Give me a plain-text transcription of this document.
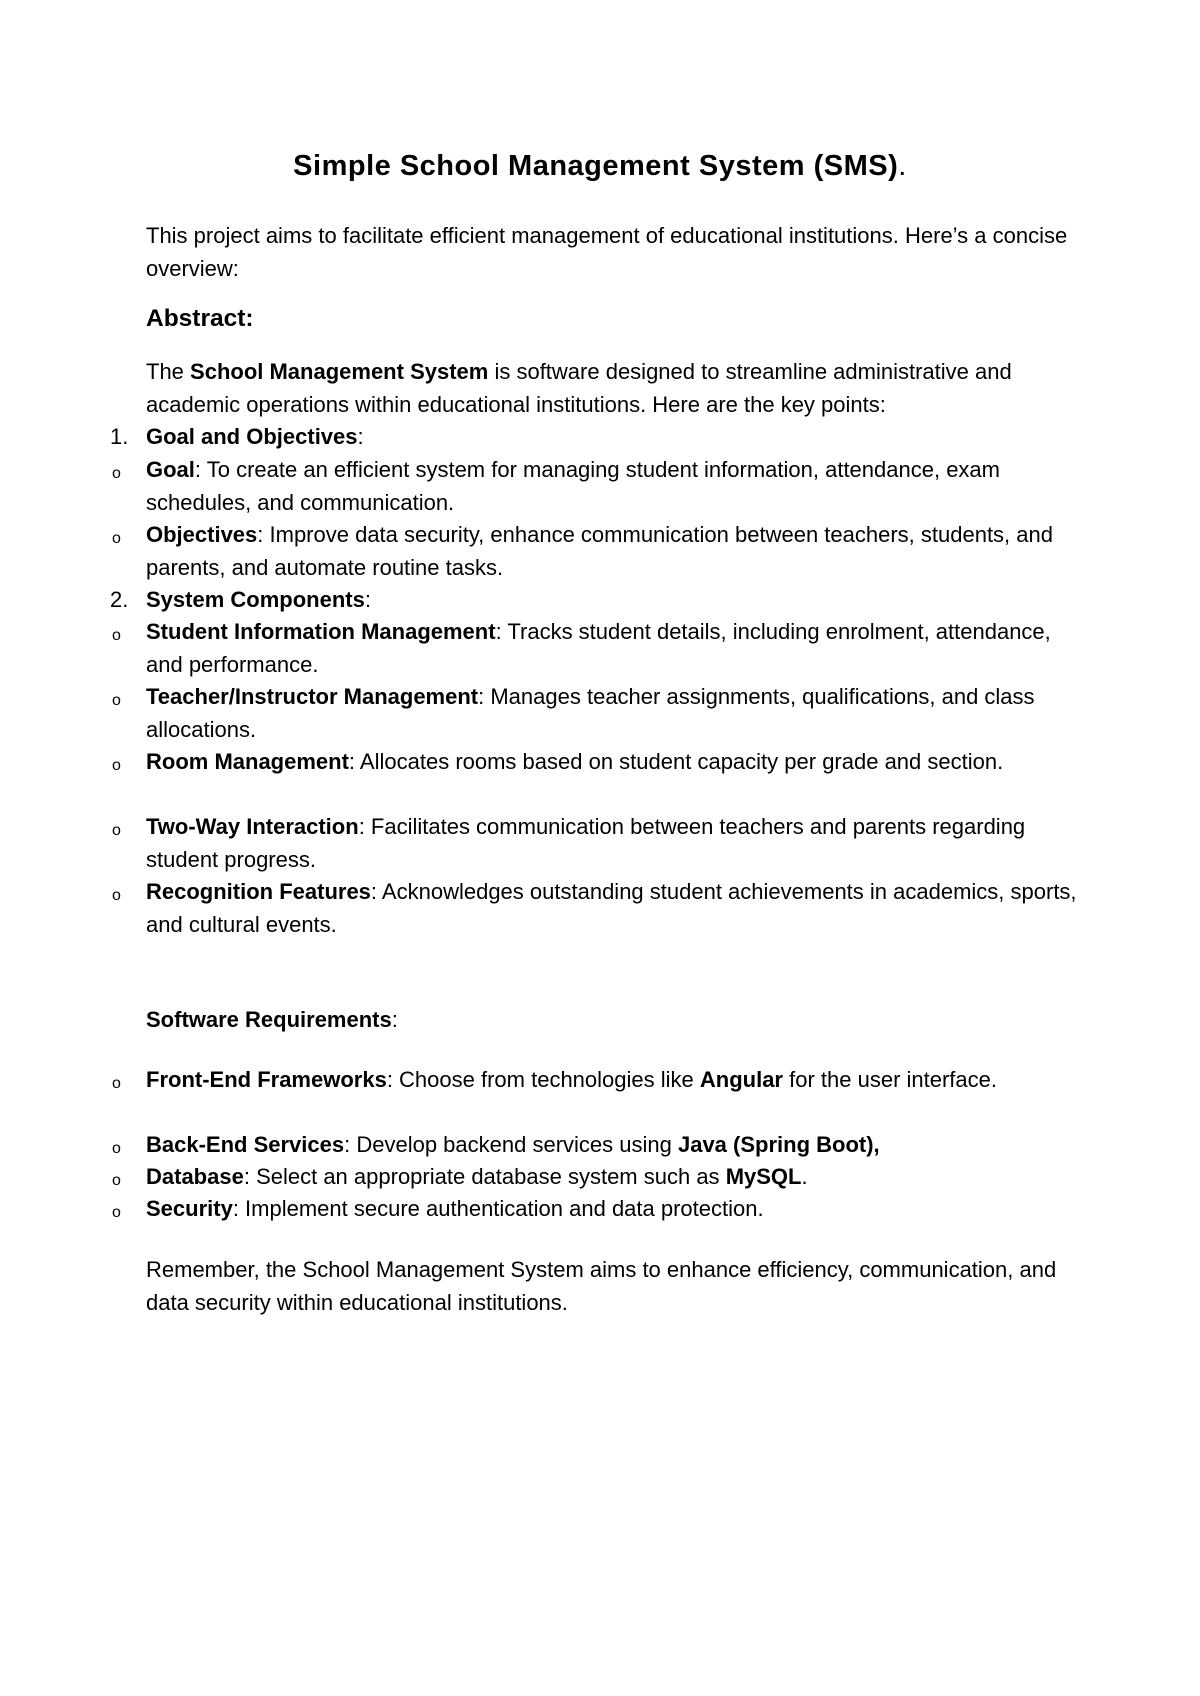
Simple School Management System (SMS).

This project aims to facilitate efficient management of educational institutions. Here’s a concise overview:

Abstract:

The School Management System is software designed to streamline administrative and academic operations within educational institutions. Here are the key points:

1. Goal and Objectives:
o	Goal: To create an efficient system for managing student information, attendance, exam schedules, and communication.
o	Objectives: Improve data security, enhance communication between teachers, students, and parents, and automate routine tasks.
2. System Components:
o	Student Information Management: Tracks student details, including enrolment, attendance, and performance.
o	Teacher/Instructor Management: Manages teacher assignments, qualifications, and class allocations.
o	Room Management: Allocates rooms based on student capacity per grade and section.
o	Two-Way Interaction: Facilitates communication between teachers and parents regarding student progress.
o	Recognition Features: Acknowledges outstanding student achievements in academics, sports, and cultural events.

Software Requirements:

o	Front-End Frameworks: Choose from technologies like Angular for the user interface.
o	Back-End Services: Develop backend services using Java (Spring Boot),
o	Database: Select an appropriate database system such as MySQL.
o	Security: Implement secure authentication and data protection.

Remember, the School Management System aims to enhance efficiency, communication, and data security within educational institutions.
